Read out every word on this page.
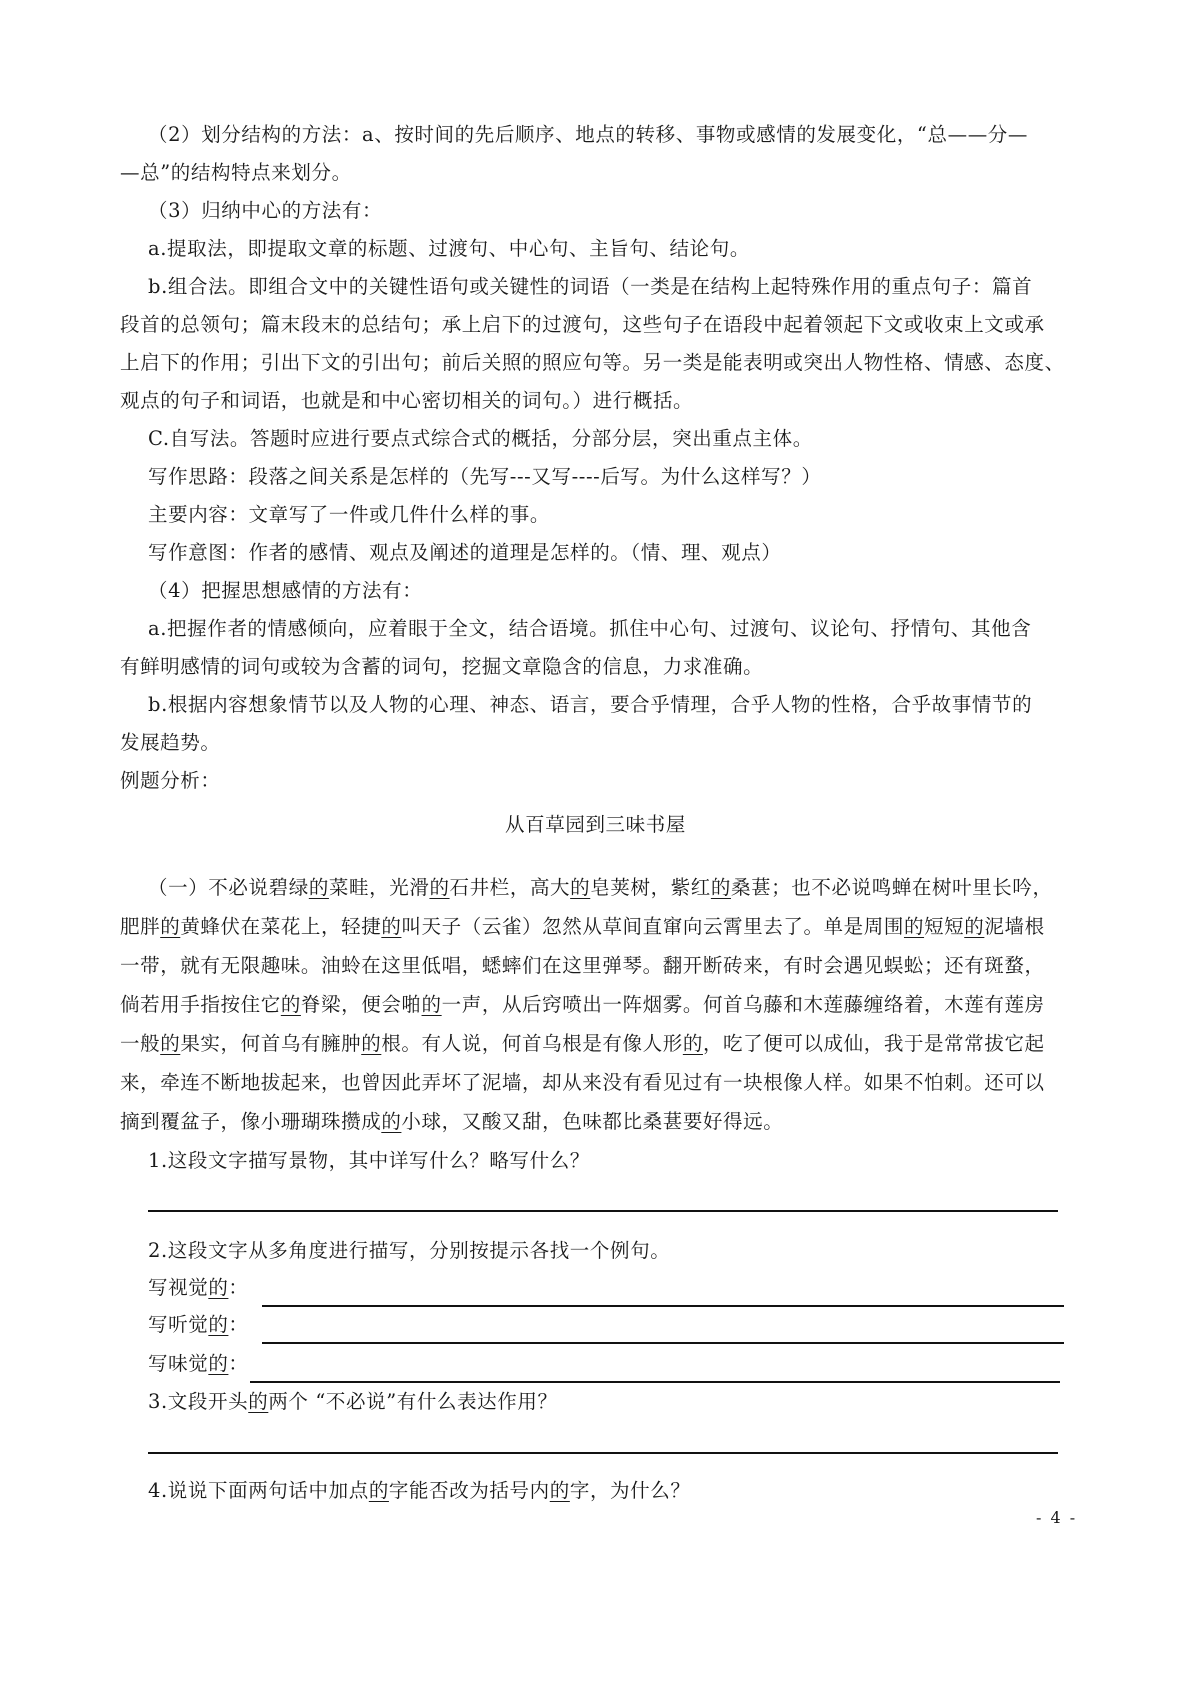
（2）划分结构的方法：a、按时间的先后顺序、地点的转移、事物或感情的发展变化，“总——分—
—总”的结构特点来划分。
（3）归纳中心的方法有：
a.提取法，即提取文章的标题、过渡句、中心句、主旨句、结论句。
b.组合法。即组合文中的关键性语句或关键性的词语（一类是在结构上起特殊作用的重点句子：篇首
段首的总领句；篇末段末的总结句；承上启下的过渡句，这些句子在语段中起着领起下文或收束上文或承
上启下的作用；引出下文的引出句；前后关照的照应句等。另一类是能表明或突出人物性格、情感、态度、
观点的句子和词语，也就是和中心密切相关的词句。）进行概括。
C.自写法。答题时应进行要点式综合式的概括，分部分层，突出重点主体。
写作思路：段落之间关系是怎样的（先写---又写----后写。为什么这样写？）
主要内容：文章写了一件或几件什么样的事。
写作意图：作者的感情、观点及阐述的道理是怎样的。（情、理、观点）
（4）把握思想感情的方法有：
a.把握作者的情感倾向，应着眼于全文，结合语境。抓住中心句、过渡句、议论句、抒情句、其他含
有鲜明感情的词句或较为含蓄的词句，挖掘文章隐含的信息，力求准确。
b.根据内容想象情节以及人物的心理、神态、语言，要合乎情理，合乎人物的性格，合乎故事情节的
发展趋势。
例题分析：
从百草园到三味书屋
（一）不必说碧绿的菜畦，光滑的石井栏，高大的皂荚树，紫红的桑葚；也不必说鸣蝉在树叶里长吟，
肥胖的黄蜂伏在菜花上，轻捷的叫天子（云雀）忽然从草间直窜向云霄里去了。单是周围的短短的泥墙根
一带，就有无限趣味。油蛉在这里低唱，蟋蟀们在这里弹琴。翻开断砖来，有时会遇见蜈蚣；还有斑蝥，
倘若用手指按住它的脊梁，便会啪的一声，从后窍喷出一阵烟雾。何首乌藤和木莲藤缠络着，木莲有莲房
一般的果实，何首乌有臃肿的根。有人说，何首乌根是有像人形的，吃了便可以成仙，我于是常常拔它起
来，牵连不断地拔起来，也曾因此弄坏了泥墙，却从来没有看见过有一块根像人样。如果不怕刺。还可以
摘到覆盆子，像小珊瑚珠攒成的小球，又酸又甜，色味都比桑葚要好得远。
1.这段文字描写景物，其中详写什么？略写什么？
2.这段文字从多角度进行描写，分别按提示各找一个例句。
写视觉的：
写听觉的：
写味觉的：
3.文段开头的两个 “不必说”有什么表达作用？
4.说说下面两句话中加点的字能否改为括号内的字，为什么？
- 4 -
